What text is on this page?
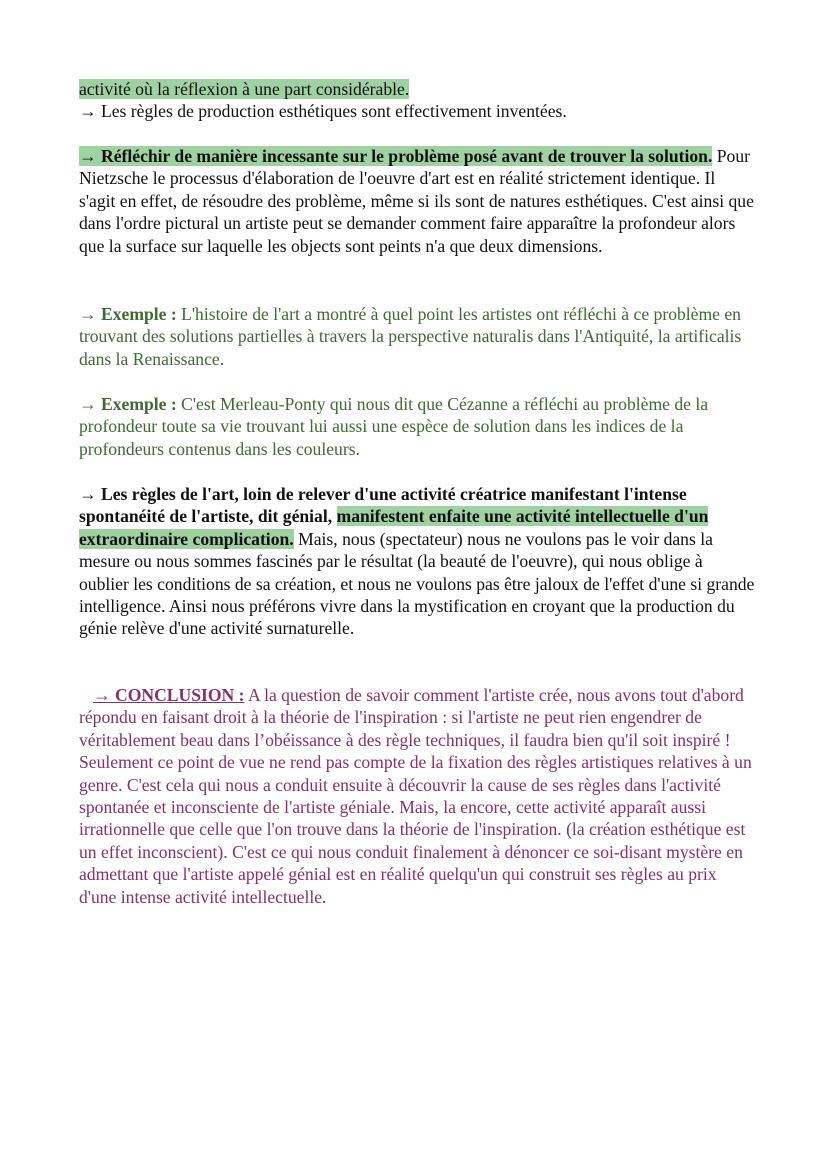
activité où la réflexion à une part considérable.
→ Les règles de production esthétiques sont effectivement inventées.

→ Réfléchir de manière incessante sur le problème posé avant de trouver la solution. Pour Nietzsche le processus d'élaboration de l'oeuvre d'art est en réalité strictement identique. Il s'agit en effet, de résoudre des problème, même si ils sont de natures esthétiques. C'est ainsi que dans l'ordre pictural un artiste peut se demander comment faire apparaître la profondeur alors que la surface sur laquelle les objects sont peints n'a que deux dimensions.

→ Exemple : L'histoire de l'art a montré à quel point les artistes ont réfléchi à ce problème en trouvant des solutions partielles à travers la perspective naturalis dans l'Antiquité, la artificalis dans la Renaissance.

→ Exemple : C'est Merleau-Ponty qui nous dit que Cézanne a réfléchi au problème de la profondeur toute sa vie trouvant lui aussi une espèce de solution dans les indices de la profondeurs contenus dans les couleurs.

→ Les règles de l'art, loin de relever d'une activité créatrice manifestant l'intense spontanéité de l'artiste, dit génial, manifestent enfaite une activité intellectuelle d'un extraordinaire complication. Mais, nous (spectateur) nous ne voulons pas le voir dans la mesure ou nous sommes fascinés par le résultat (la beauté de l'oeuvre), qui nous oblige à oublier les conditions de sa création, et nous ne voulons pas être jaloux de l'effet d'une si grande intelligence. Ainsi nous préférons vivre dans la mystification en croyant que la production du génie relève d'une activité surnaturelle.

→ CONCLUSION : A la question de savoir comment l'artiste crée, nous avons tout d'abord répondu en faisant droit à la théorie de l'inspiration : si l'artiste ne peut rien engendrer de véritablement beau dans l’obéissance à des règle techniques, il faudra bien qu'il soit inspiré ! Seulement ce point de vue ne rend pas compte de la fixation des règles artistiques relatives à un genre. C'est cela qui nous a conduit ensuite à découvrir la cause de ses règles dans l'activité spontanée et inconsciente de l'artiste géniale. Mais, la encore, cette activité apparaît aussi irrationnelle que celle que l'on trouve dans la théorie de l'inspiration. (la création esthétique est un effet inconscient). C'est ce qui nous conduit finalement à dénoncer ce soi-disant mystère en admettant que l'artiste appelé génial est en réalité quelqu'un qui construit ses règles au prix d'une intense activité intellectuelle.
